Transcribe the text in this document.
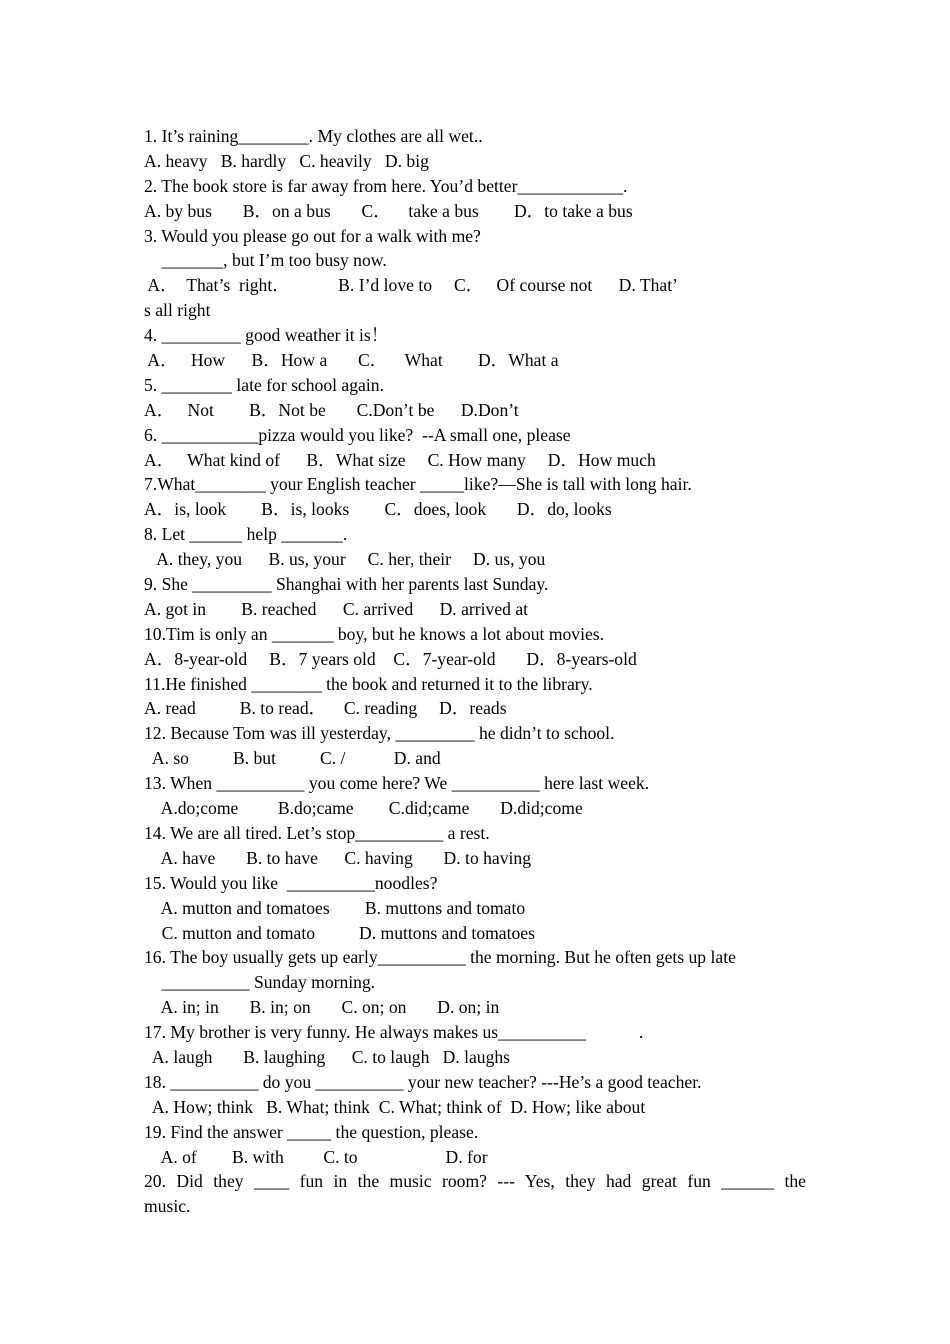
1. It’s raining________. My clothes are all wet..
A. heavy   B. hardly   C. heavily   D. big
2. The book store is far away from here. You’d better____________.
A. by bus       B．on a bus       C．    take a bus        D．to take a bus
3. Would you please go out for a walk with me?
_______, but I’m too busy now.
A．  That’s  right．           B. I’d love to     C．   Of course not      D. That’
s all right
4. _________ good weather it is！
A．   How      B．How a       C．    What        D．What a
5. ________ late for school again.
A．   Not        B．Not be       C.Don’t be      D.Don’t
6. ___________pizza would you like?  --A small one, please
A．   What kind of      B．What size     C. How many     D．How much
7.What________ your English teacher _____like?—She is tall with long hair.
A．is, look        B．is, looks        C．does, look       D．do, looks
8. Let ______ help _______.
A. they, you      B. us, your     C. her, their     D. us, you
9. She _________ Shanghai with her parents last Sunday.
A. got in        B. reached      C. arrived      D. arrived at
10.Tim is only an _______ boy, but he knows a lot about movies.
A．8-year-old     B．7 years old    C．7-year-old       D．8-years-old
11.He finished ________ the book and returned it to the library.
A. read          B. to read．    C. reading     D．reads
12. Because Tom was ill yesterday, _________ he didn’t to school.
A. so          B. but          C. /           D. and
13. When __________ you come here? We __________ here last week.
A.do;come         B.do;came        C.did;came       D.did;come
14. We are all tired. Let’s stop__________ a rest.
A. have       B. to have      C. having       D. to having
15. Would you like  __________noodles?
A. mutton and tomatoes        B. muttons and tomato
C. mutton and tomato          D. muttons and tomatoes
16. The boy usually gets up early__________ the morning. But he often gets up late
__________ Sunday morning.
A. in; in       B. in; on       C. on; on       D. on; in
17. My brother is very funny. He always makes us__________            .
A. laugh       B. laughing      C. to laugh   D. laughs
18. __________ do you __________ your new teacher? ---He’s a good teacher.
A. How; think   B. What; think  C. What; think of  D. How; like about
19. Find the answer _____ the question, please.
A. of        B. with         C. to                    D. for
20. Did they ____ fun in the music room? --- Yes, they had great fun ______ the
music.
